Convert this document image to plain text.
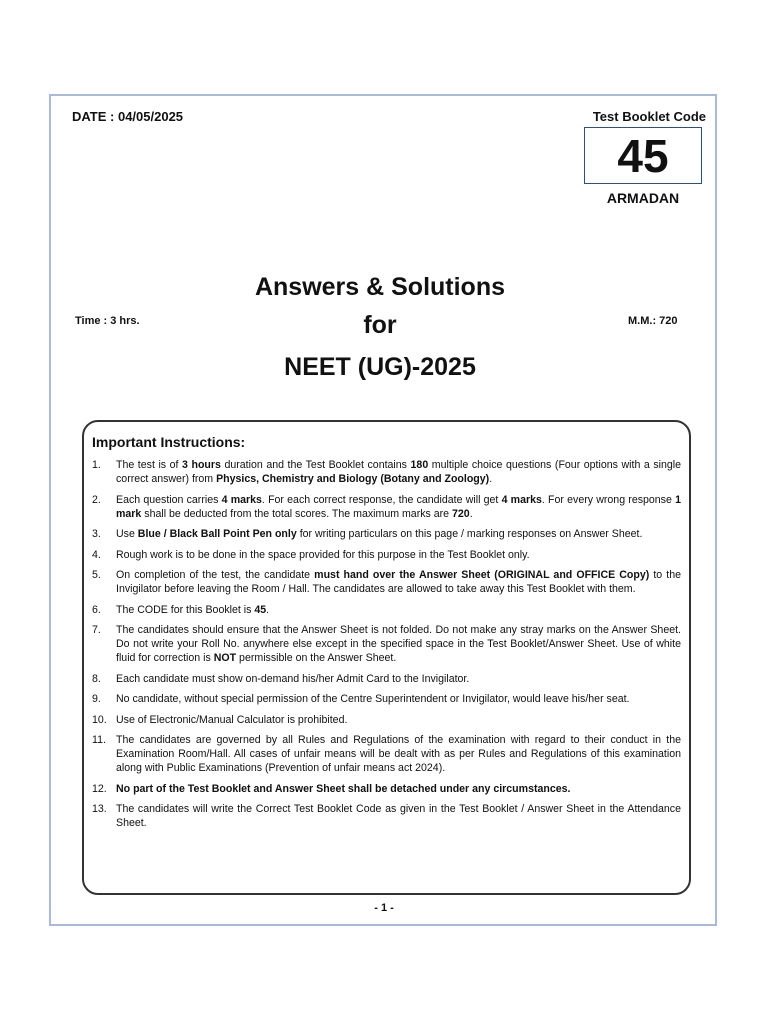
DATE : 04/05/2025	Test Booklet Code
45
ARMADAN
Answers & Solutions
for
NEET (UG)-2025
Time : 3 hrs.	M.M.: 720
Important Instructions:
1.	The test is of 3 hours duration and the Test Booklet contains 180 multiple choice questions (Four options with a single correct answer) from Physics, Chemistry and Biology (Botany and Zoology).
2.	Each question carries 4 marks. For each correct response, the candidate will get 4 marks. For every wrong response 1 mark shall be deducted from the total scores. The maximum marks are 720.
3.	Use Blue / Black Ball Point Pen only for writing particulars on this page / marking responses on Answer Sheet.
4.	Rough work is to be done in the space provided for this purpose in the Test Booklet only.
5.	On completion of the test, the candidate must hand over the Answer Sheet (ORIGINAL and OFFICE Copy) to the Invigilator before leaving the Room / Hall. The candidates are allowed to take away this Test Booklet with them.
6.	The CODE for this Booklet is 45.
7.	The candidates should ensure that the Answer Sheet is not folded. Do not make any stray marks on the Answer Sheet. Do not write your Roll No. anywhere else except in the specified space in the Test Booklet/Answer Sheet. Use of white fluid for correction is NOT permissible on the Answer Sheet.
8.	Each candidate must show on-demand his/her Admit Card to the Invigilator.
9.	No candidate, without special permission of the Centre Superintendent or Invigilator, would leave his/her seat.
10. Use of Electronic/Manual Calculator is prohibited.
11. The candidates are governed by all Rules and Regulations of the examination with regard to their conduct in the Examination Room/Hall. All cases of unfair means will be dealt with as per Rules and Regulations of this examination along with Public Examinations (Prevention of unfair means act 2024).
12. No part of the Test Booklet and Answer Sheet shall be detached under any circumstances.
13. The candidates will write the Correct Test Booklet Code as given in the Test Booklet / Answer Sheet in the Attendance Sheet.
- 1 -
